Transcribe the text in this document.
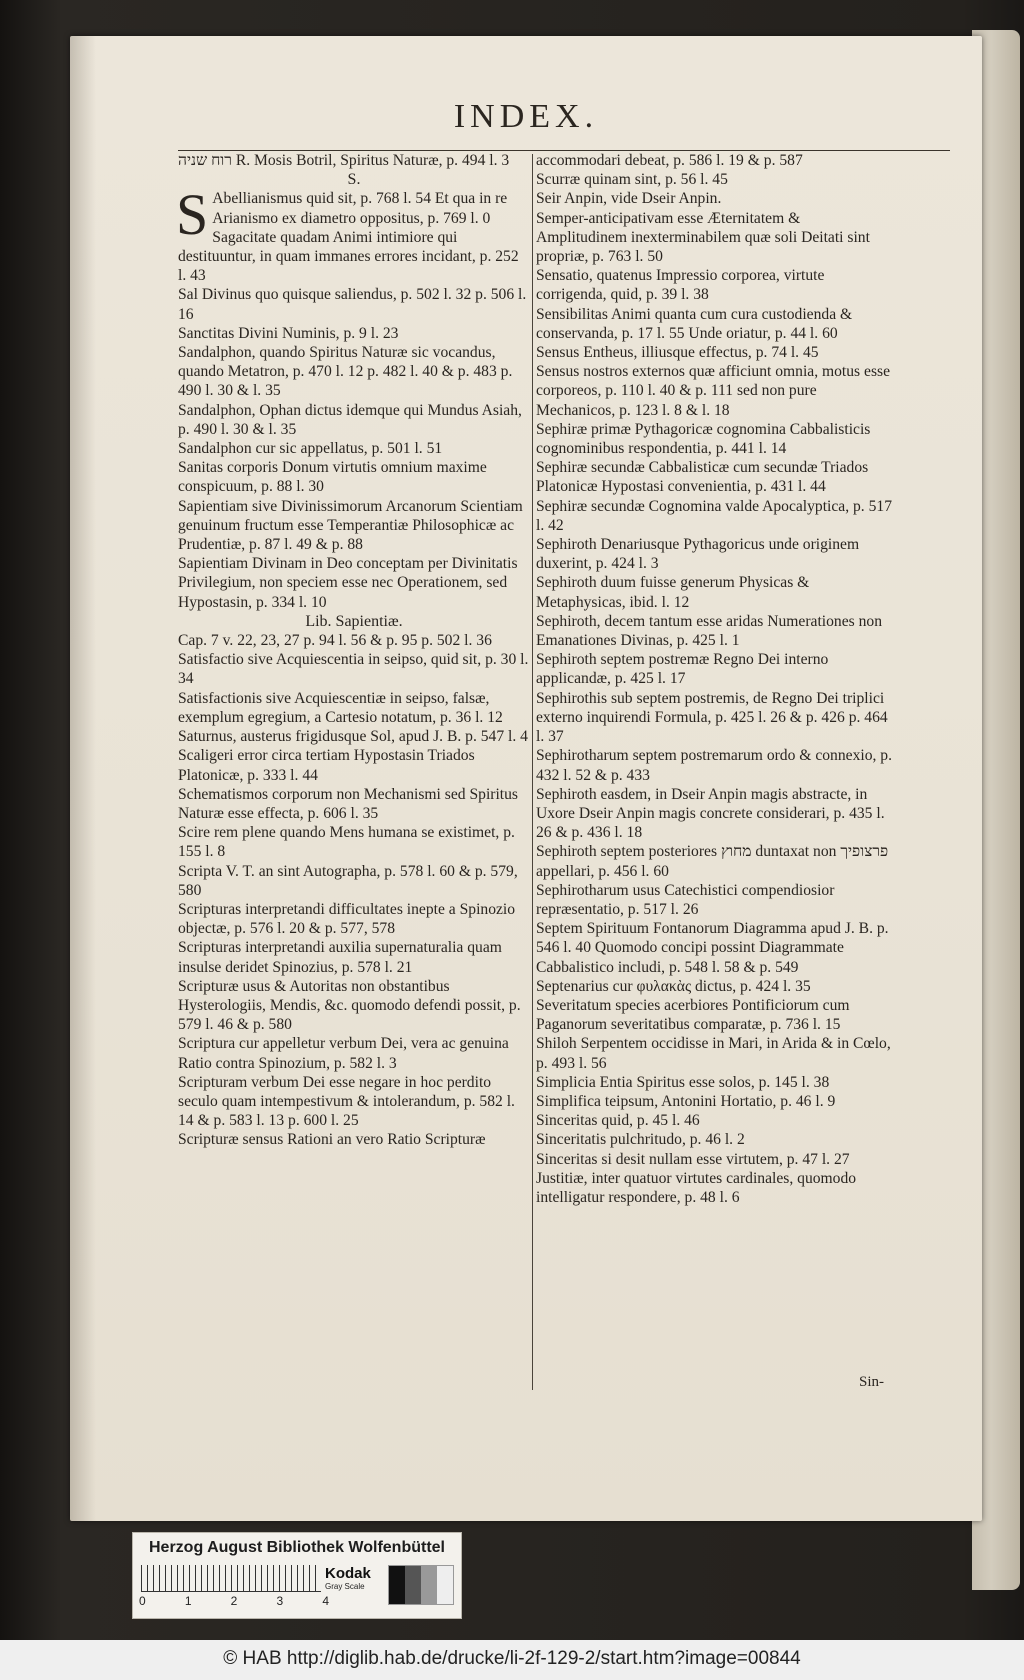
INDEX.

רוח שניה R. Mosis Botril, Spiritus Naturæ, p. 494 l. 3

S.

S Abellianismus quid sit, p. 768 l. 54 Et qua in re Arianismo ex diametro oppositus, p. 769 l. 0

Sagacitate quadam Animi intimiore qui destituuntur, in quam immanes errores incidant, p. 252 l. 43

Sal Divinus quo quisque saliendus, p. 502 l. 32 p. 506 l. 16

Sanctitas Divini Numinis, p. 9 l. 23

Sandalphon, quando Spiritus Naturæ sic vocandus, quando Metatron, p. 470 l. 12 p. 482 l. 40 & p. 483 p. 490 l. 30 & l. 35

Sandalphon, Ophan dictus idemque qui Mundus Asiah, p. 490 l. 30 & l. 35

Sandalphon cur sic appellatus, p. 501 l. 51

Sanitas corporis Donum virtutis omnium maxime conspicuum, p. 88 l. 30

Sapientiam sive Divinissimorum Arcanorum Scientiam genuinum fructum esse Temperantiæ Philosophicæ ac Prudentiæ, p. 87 l. 49 & p. 88

Sapientiam Divinam in Deo conceptam per Divinitatis Privilegium, non speciem esse nec Operationem, sed Hypostasin, p. 334 l. 10

Lib. Sapientiæ.

Cap. 7 v. 22, 23, 27 p. 94 l. 56 & p. 95 p. 502 l. 36

Satisfactio sive Acquiescentia in seipso, quid sit, p. 30 l. 34

Satisfactionis sive Acquiescentiæ in seipso, falsæ, exemplum egregium, a Cartesio notatum, p. 36 l. 12

Saturnus, austerus frigidusque Sol, apud J. B. p. 547 l. 4

Scaligeri error circa tertiam Hypostasin Triados Platonicæ, p. 333 l. 44

Schematismos corporum non Mechanismi sed Spiritus Naturæ esse effecta, p. 606 l. 35

Scire rem plene quando Mens humana se existimet, p. 155 l. 8

Scripta V. T. an sint Autographa, p. 578 l. 60 & p. 579, 580

Scripturas interpretandi difficultates inepte a Spinozio objectæ, p. 576 l. 20 & p. 577, 578

Scripturas interpretandi auxilia supernaturalia quam insulse deridet Spinozius, p. 578 l. 21

Scripturæ usus & Autoritas non obstantibus Hysterologiis, Mendis, &c. quomodo defendi possit, p. 579 l. 46 & p. 580

Scriptura cur appelletur verbum Dei, vera ac genuina Ratio contra Spinozium, p. 582 l. 3

Scripturam verbum Dei esse negare in hoc perdito seculo quam intempestivum & intolerandum, p. 582 l. 14 & p. 583 l. 13 p. 600 l. 25

Scripturæ sensus Rationi an vero Ratio Scripturæ

accommodari debeat, p. 586 l. 19 & p. 587

Scurræ quinam sint, p. 56 l. 45

Seir Anpin, vide Dseir Anpin.

Semper-anticipativam esse Æternitatem & Amplitudinem inexterminabilem quæ soli Deitati sint propriæ, p. 763 l. 50

Sensatio, quatenus Impressio corporea, virtute corrigenda, quid, p. 39 l. 38

Sensibilitas Animi quanta cum cura custodienda & conservanda, p. 17 l. 55 Unde oriatur, p. 44 l. 60

Sensus Entheus, illiusque effectus, p. 74 l. 45

Sensus nostros externos quæ afficiunt omnia, motus esse corporeos, p. 110 l. 40 & p. 111 sed non pure Mechanicos, p. 123 l. 8 & l. 18

Sephiræ primæ Pythagoricæ cognomina Cabbalisticis cognominibus respondentia, p. 441 l. 14

Sephiræ secundæ Cabbalisticæ cum secundæ Triados Platonicæ Hypostasi convenientia, p. 431 l. 44

Sephiræ secundæ Cognomina valde Apocalyptica, p. 517 l. 42

Sephiroth Denariusque Pythagoricus unde originem duxerint, p. 424 l. 3

Sephiroth duum fuisse generum Physicas & Metaphysicas, ibid. l. 12

Sephiroth, decem tantum esse aridas Numerationes non Emanationes Divinas, p. 425 l. 1

Sephiroth septem postremæ Regno Dei interno applicandæ, p. 425 l. 17

Sephirothis sub septem postremis, de Regno Dei triplici externo inquirendi Formula, p. 425 l. 26 & p. 426 p. 464 l. 37

Sephirotharum septem postremarum ordo & connexio, p. 432 l. 52 & p. 433

Sephiroth easdem, in Dseir Anpin magis abstracte, in Uxore Dseir Anpin magis concrete considerari, p. 435 l. 26 & p. 436 l. 18

Sephiroth septem posteriores מחוץ duntaxat non פרצופיך appellari, p. 456 l. 60

Sephirotharum usus Catechistici compendiosior repræsentatio, p. 517 l. 26

Septem Spirituum Fontanorum Diagramma apud J. B. p. 546 l. 40 Quomodo concipi possint Diagrammate Cabbalistico includi, p. 548 l. 58 & p. 549

Septenarius cur φυλακὰς dictus, p. 424 l. 35

Severitatum species acerbiores Pontificiorum cum Paganorum severitatibus comparatæ, p. 736 l. 15

Shiloh Serpentem occidisse in Mari, in Arida & in Cœlo, p. 493 l. 56

Simplicia Entia Spiritus esse solos, p. 145 l. 38

Simplifica teipsum, Antonini Hortatio, p. 46 l. 9

Sinceritas quid, p. 45 l. 46

Sinceritatis pulchritudo, p. 46 l. 2

Sinceritas si desit nullam esse virtutem, p. 47 l. 27 Justitiæ, inter quatuor virtutes cardinales, quomodo intelligatur respondere, p. 48 l. 6

Sin-
Herzog August Bibliothek Wolfenbüttel
0	1	2	3	4
Kodak
Gray Scale
© HAB http://diglib.hab.de/drucke/li-2f-129-2/start.htm?image=00844
